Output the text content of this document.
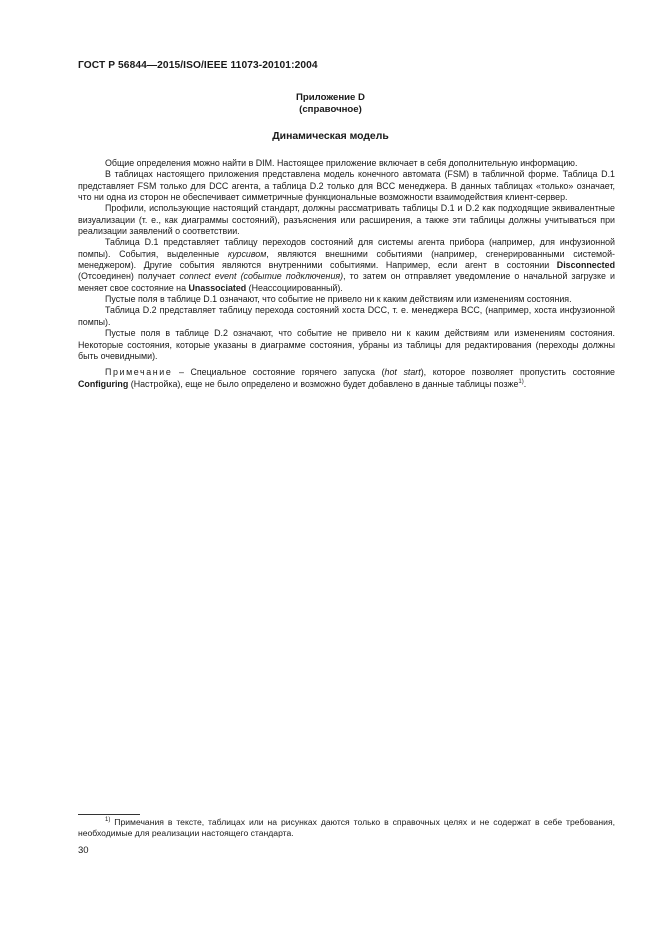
ГОСТ Р 56844—2015/ISO/IEEE 11073-20101:2004
Приложение D
(справочное)
Динамическая модель

Общие определения можно найти в DIM. Настоящее приложение включает в себя дополнительную информацию.

В таблицах настоящего приложения представлена модель конечного автомата (FSM) в табличной форме. Таблица D.1 представляет FSM только для DCC агента, а таблица D.2 только для BCC менеджера. В данных таблицах «только» означает, что ни одна из сторон не обеспечивает симметричные функциональные возможности взаимодействия клиент-сервер.

Профили, использующие настоящий стандарт, должны рассматривать таблицы D.1 и D.2 как подходящие эквивалентные визуализации (т. е., как диаграммы состояний), разъяснения или расширения, а также эти таблицы должны учитываться при реализации заявлений о соответствии.

Таблица D.1 представляет таблицу переходов состояний для системы агента прибора (например, для инфузионной помпы). События, выделенные курсивом, являются внешними событиями (например, сгенерированными системой-менеджером). Другие события являются внутренними событиями. Например, если агент в состоянии Disconnected (Отсоединен) получает connect event (событие подключения), то затем он отправляет уведомление о начальной загрузке и меняет свое состояние на Unassociated (Неассоциированный).

Пустые поля в таблице D.1 означают, что событие не привело ни к каким действиям или изменениям состояния.

Таблица D.2 представляет таблицу перехода состояний хоста DCC, т. е. менеджера BCC, (например, хоста инфузионной помпы).

Пустые поля в таблице D.2 означают, что событие не привело ни к каким действиям или изменениям состояния. Некоторые состояния, которые указаны в диаграмме состояния, убраны из таблицы для редактирования (переходы должны быть очевидными).

Примечание – Специальное состояние горячего запуска (hot start), которое позволяет пропустить состояние Configuring (Настройка), еще не было определено и возможно будет добавлено в данные таблицы позже$^{1)}$.

$^{1)}$ Примечания в тексте, таблицах или на рисунках даются только в справочных целях и не содержат в себе требования, необходимые для реализации настоящего стандарта.

30
